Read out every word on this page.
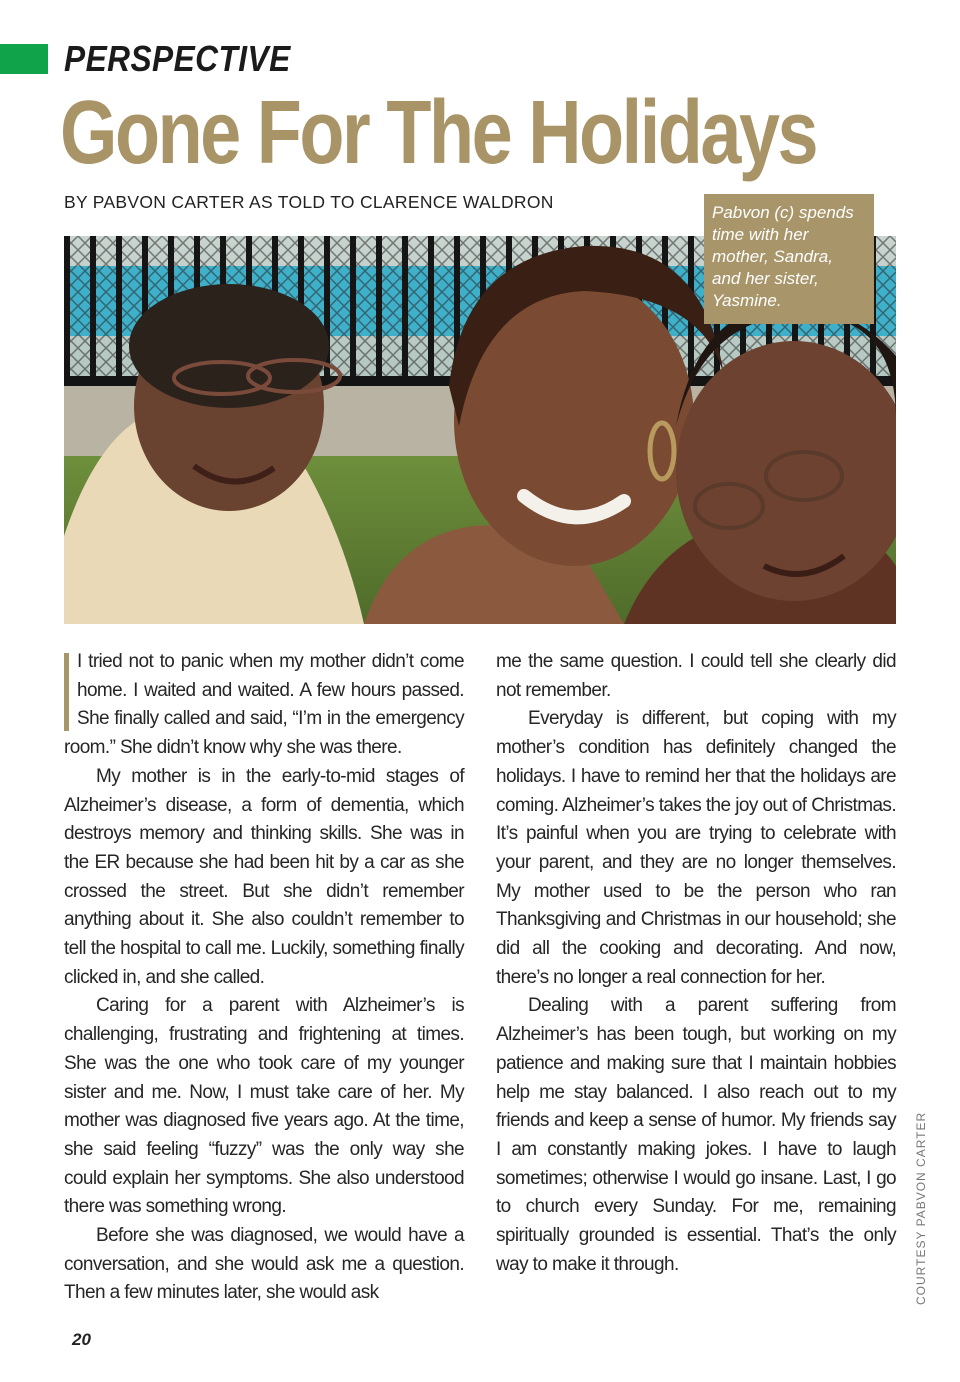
PERSPECTIVE
Gone For The Holidays
BY PABVON CARTER AS TOLD TO CLARENCE WALDRON
Pabvon (c) spends time with her mother, Sandra, and her sister, Yasmine.

I tried not to panic when my mother didn’t come home. I waited and waited. A few hours passed. She finally called and said, “I’m in the emergency room.” She didn’t know why she was there.

My mother is in the early-to-mid stages of Alzheimer’s disease, a form of dementia, which destroys memory and thinking skills. She was in the ER because she had been hit by a car as she crossed the street. But she didn’t remember anything about it. She also couldn’t remember to tell the hospital to call me. Luckily, something finally clicked in, and she called.

Caring for a parent with Alzheimer’s is challenging, frustrating and frightening at times. She was the one who took care of my younger sister and me. Now, I must take care of her. My mother was diagnosed five years ago. At the time, she said feeling “fuzzy” was the only way she could explain her symptoms. She also understood there was something wrong.

Before she was diagnosed, we would have a conversation, and she would ask me a question. Then a few minutes later, she would ask

me the same question. I could tell she clearly did not remember.

Everyday is different, but coping with my mother’s condition has definitely changed the holidays. I have to remind her that the holidays are coming. Alzheimer’s takes the joy out of Christmas. It’s painful when you are trying to celebrate with your parent, and they are no longer themselves. My mother used to be the person who ran Thanksgiving and Christmas in our household; she did all the cooking and decorating. And now, there’s no longer a real connection for her.

Dealing with a parent suffering from Alzheimer’s has been tough, but working on my patience and making sure that I maintain hobbies help me stay balanced. I also reach out to my friends and keep a sense of humor. My friends say I am constantly making jokes. I have to laugh sometimes; otherwise I would go insane. Last, I go to church every Sunday. For me, remaining spiritually grounded is essential. That’s the only way to make it through.	COURTESY PABVON CARTER
20
